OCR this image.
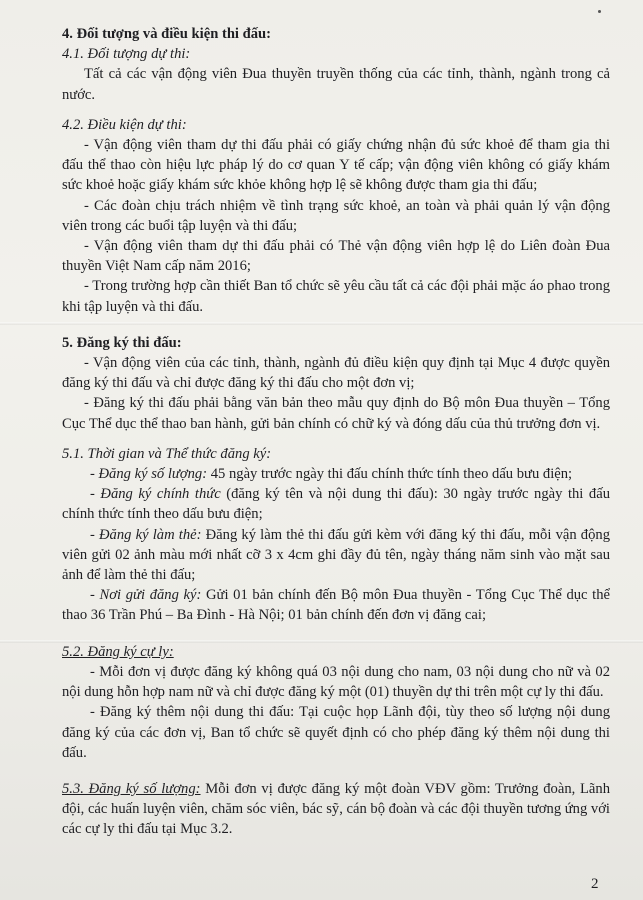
4. Đối tượng và điều kiện thi đấu:

4.1. Đối tượng dự thi:

Tất cả các vận động viên Đua thuyền truyền thống của các tỉnh, thành, ngành trong cả nước.

4.2. Điều kiện dự thi:

- Vận động viên tham dự thi đấu phải có giấy chứng nhận đủ sức khoẻ để tham gia thi đấu thể thao còn hiệu lực pháp lý do cơ quan Y tế cấp; vận động viên không có giấy khám sức khoẻ hoặc giấy khám sức khỏe không hợp lệ sẽ không được tham gia thi đấu;

- Các đoàn chịu trách nhiệm về tình trạng sức khoẻ, an toàn và phải quản lý vận động viên trong các buổi tập luyện và thi đấu;

- Vận động viên tham dự thi đấu phải có Thẻ vận động viên hợp lệ do Liên đoàn Đua thuyền Việt Nam cấp năm 2016;

- Trong trường hợp cần thiết Ban tổ chức sẽ yêu cầu tất cả các đội phải mặc áo phao trong khi tập luyện và thi đấu.

5. Đăng ký thi đấu:

- Vận động viên của các tỉnh, thành, ngành đủ điều kiện quy định tại Mục 4 được quyền đăng ký thi đấu và chỉ được đăng ký thi đấu cho một đơn vị;

- Đăng ký thi đấu phải bằng văn bản theo mẫu quy định do Bộ môn Đua thuyền – Tổng Cục Thể dục thể thao ban hành, gửi bản chính có chữ ký và đóng dấu của thủ trưởng đơn vị.

5.1. Thời gian và Thể thức đăng ký:

- Đăng ký số lượng: 45 ngày trước ngày thi đấu chính thức tính theo dấu bưu điện;

- Đăng ký chính thức (đăng ký tên và nội dung thi đấu): 30 ngày trước ngày thi đấu chính thức tính theo dấu bưu điện;

- Đăng ký làm thẻ: Đăng ký làm thẻ thi đấu gửi kèm với đăng ký thi đấu, mỗi vận động viên gửi 02 ảnh màu mới nhất cỡ 3 x 4cm ghi đầy đủ tên, ngày tháng năm sinh vào mặt sau ảnh để làm thẻ thi đấu;

- Nơi gửi đăng ký: Gửi 01 bản chính đến Bộ môn Đua thuyền - Tổng Cục Thể dục thể thao 36 Trần Phú – Ba Đình - Hà Nội; 01 bản chính đến đơn vị đăng cai;

5.2. Đăng ký cự ly:

- Mỗi đơn vị được đăng ký không quá 03 nội dung cho nam, 03 nội dung cho nữ và 02 nội dung hỗn hợp nam nữ và chỉ được đăng ký một (01) thuyền dự thi trên một cự ly thi đấu.

- Đăng ký thêm nội dung thi đấu: Tại cuộc họp Lãnh đội, tùy theo số lượng nội dung đăng ký của các đơn vị, Ban tổ chức sẽ quyết định có cho phép đăng ký thêm nội dung thi đấu.

5.3. Đăng ký số lượng: Mỗi đơn vị được đăng ký một đoàn VĐV gồm: Trưởng đoàn, Lãnh đội, các huấn luyện viên, chăm sóc viên, bác sỹ, cán bộ đoàn và các đội thuyền tương ứng với các cự ly thi đấu tại Mục 3.2.

2
